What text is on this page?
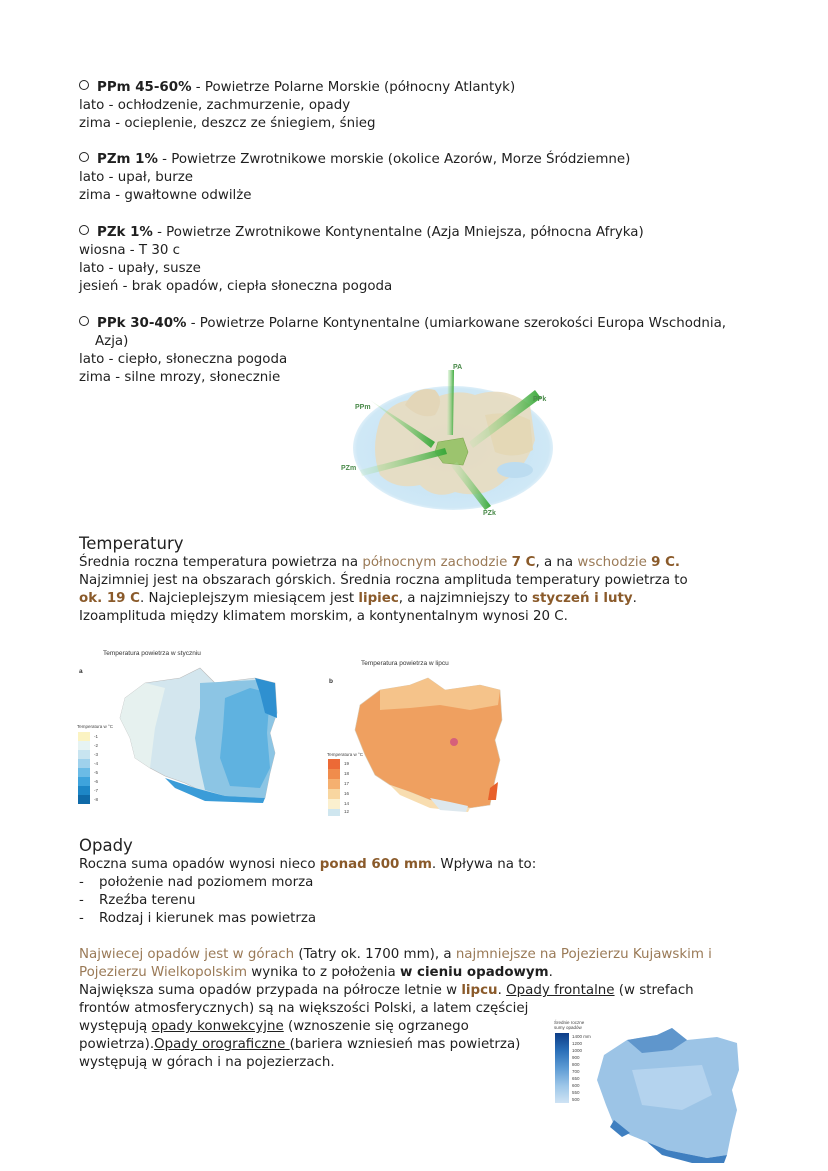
PPm 45-60% - Powietrze Polarne Morskie (północny Atlantyk)
lato - ochłodzenie, zachmurzenie, opady
zima - ocieplenie, deszcz ze śniegiem, śnieg
PZm 1% - Powietrze Zwrotnikowe morskie (okolice Azorów, Morze Śródziemne)
lato - upał, burze
zima - gwałtowne odwilże
PZk 1% - Powietrze Zwrotnikowe Kontynentalne (Azja Mniejsza, północna Afryka)
wiosna - T 30 c
lato - upały, susze
jesień - brak opadów, ciepła słoneczna pogoda
PPk 30-40% - Powietrze Polarne Kontynentalne (umiarkowane szerokości Europa Wschodnia,
Azja)
lato - ciepło, słoneczna pogoda
zima - silne mrozy, słonecznie
PA
PPm
PPk
PZm
PZk
Temperatury
Średnia roczna temperatura powietrza na północnym zachodzie 7 C, a na wschodzie 9 C.
Najzimniej jest na obszarach górskich. Średnia roczna amplituda temperatury powietrza to
ok. 19 C. Najcieplejszym miesiącem jest lipiec, a najzimniejszy to styczeń i luty.
Izoamplituda między klimatem morskim, a kontynentalnym wynosi 20 C.
Temperatura powietrza w styczniu
a
Temperatura w °C
-1
-2
-3
-4
-5
-6
-7
-8
Temperatura powietrza w lipcu
b
Temperatura w °C
19
18
17
16
14
12
Opady
Roczna suma opadów wynosi nieco ponad 600 mm. Wpływa na to:
- położenie nad poziomem morza
- Rzeźba terenu
- Rodzaj i kierunek mas powietrza
Najwiecej opadów jest w górach (Tatry ok. 1700 mm), a najmniejsze na Pojezierzu Kujawskim i
Pojezierzu Wielkopolskim wynika to z położenia w cieniu opadowym.
Największa suma opadów przypada na półrocze letnie w lipcu. Opady frontalne (w strefach
frontów atmosferycznych) są na większości Polski, a latem częściej
występują opady konwekcyjne (wznoszenie się ogrzanego
powietrza).Opady orograficzne (bariera wzniesień mas powietrza)
występują w górach i na pojezierzach.
Średnie roczne sumy opadów
1400 mm
1200
1000
900
800
700
650
600
550
500
